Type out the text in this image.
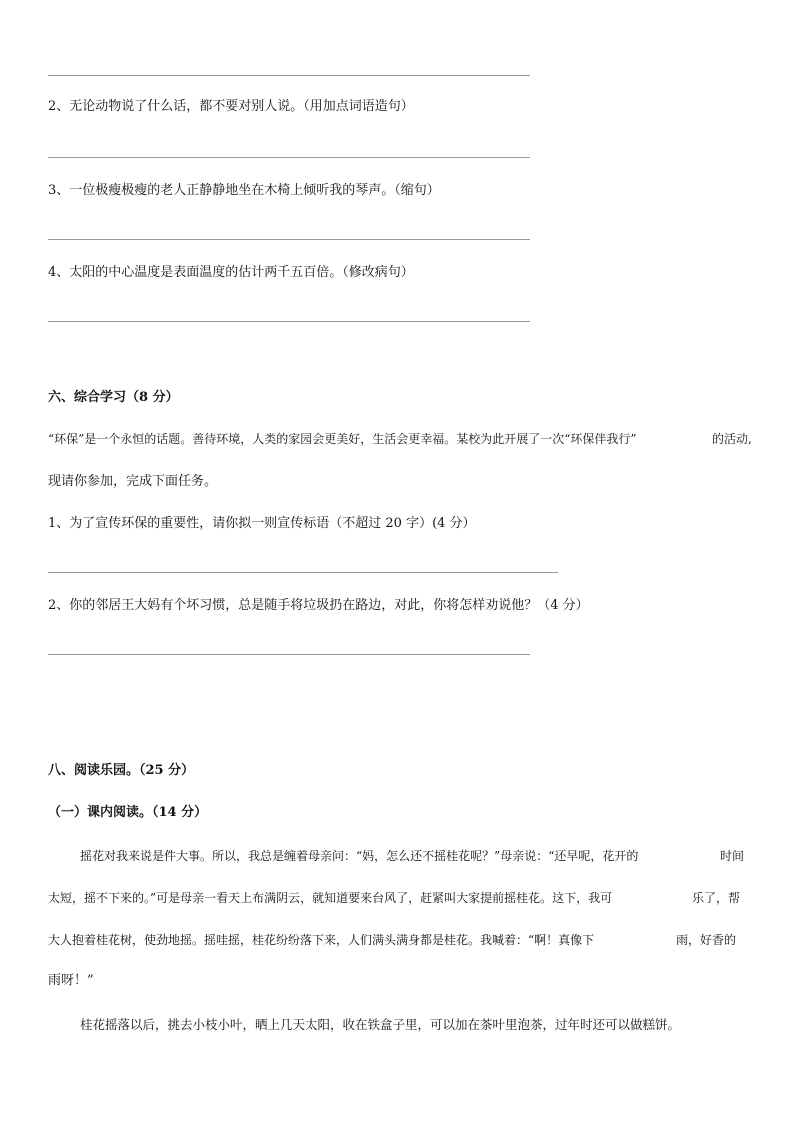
2、无论动物说了什么话，都不要对别人说。（用加点词语造句）
3、一位极瘦极瘦的老人正静静地坐在木椅上倾听我的琴声。（缩句）
4、太阳的中心温度是表面温度的估计两千五百倍。（修改病句）
六、综合学习（8 分）
“环保”是一个永恒的话题。善待环境，人类的家园会更美好，生活会更幸福。某校为此开展了一次“环保伴我行”	的活动,
现请你参加，完成下面任务。
1、为了宣传环保的重要性，请你拟一则宣传标语（不超过 20 字）(4 分）
2、你的邻居王大妈有个坏习惯，总是随手将垃圾扔在路边，对此，你将怎样劝说他？（4 分）
八、阅读乐园。（25 分）
（一）课内阅读。（14 分）
摇花对我来说是件大事。所以，我总是缠着母亲问：“妈，怎么还不摇桂花呢？”母亲说：“还早呢，花开的	时间
太短，摇不下来的。”可是母亲一看天上布满阴云，就知道要来台风了，赶紧叫大家提前摇桂花。这下，我可	乐了，帮
大人抱着桂花树，使劲地摇。摇哇摇，桂花纷纷落下来，人们满头满身都是桂花。我喊着：“啊！真像下	雨，好香的
雨呀！”
桂花摇落以后，挑去小枝小叶，晒上几天太阳，收在铁盒子里，可以加在茶叶里泡茶，过年时还可以做糕饼。
